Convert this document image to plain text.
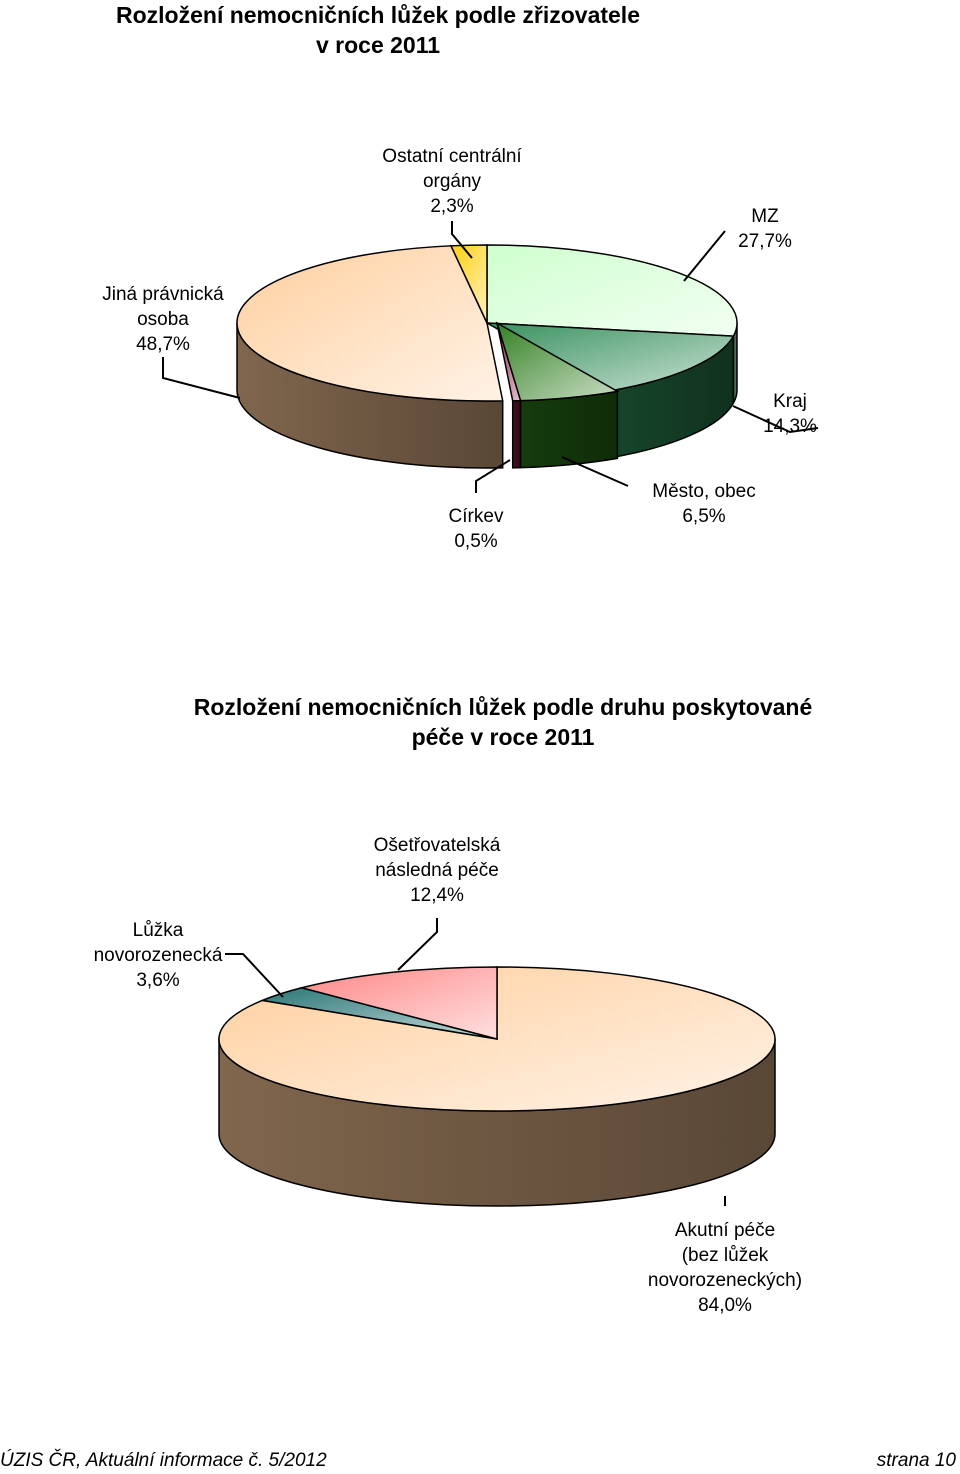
Rozložení nemocničních lůžek podle zřizovatele
v roce 2011
Rozložení nemocničních lůžek podle druhu poskytované
péče v roce 2011
MZ
27,7%
Kraj
14,3%
Město, obec
6,5%
Církev
0,5%
Jiná právnická
osoba
48,7%
Ostatní centrální
orgány
2,3%
Akutní péče
(bez lůžek
novorozeneckých)
84,0%
Lůžka
novorozenecká
3,6%
Ošetřovatelská
následná péče
12,4%
ÚZIS ČR, Aktuální informace č. 5/2012	strana 10
